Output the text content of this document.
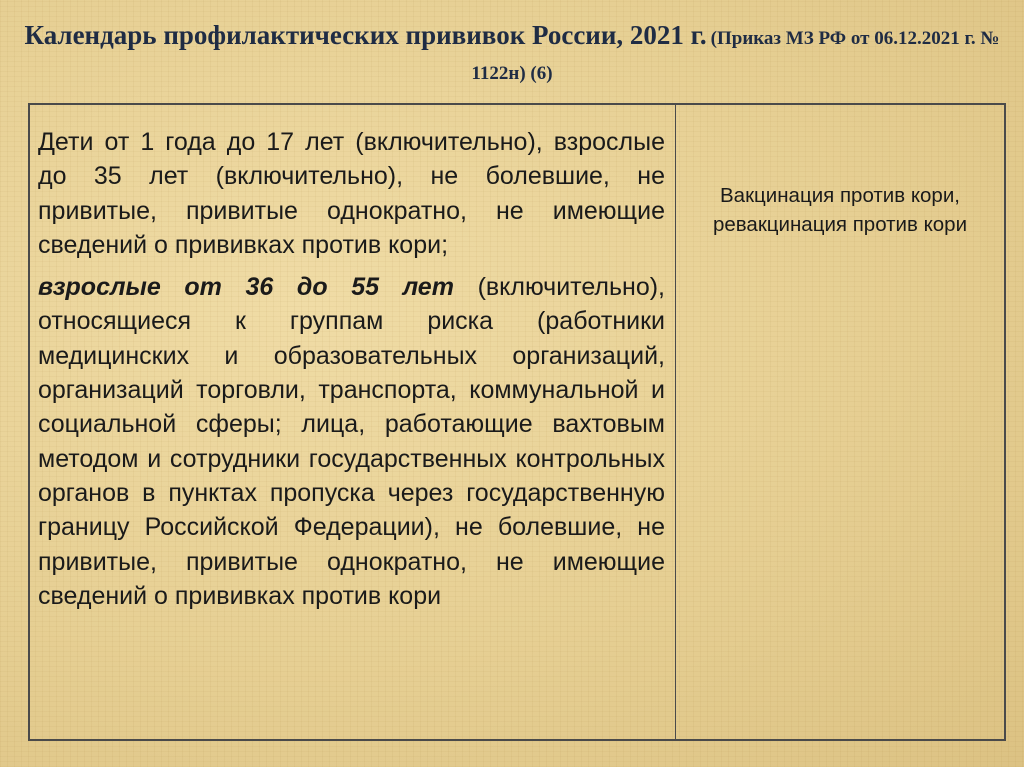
Календарь профилактических прививок России, 2021 г. (Приказ МЗ РФ от 06.12.2021 г. № 1122н) (6)

Дети от 1 года до 17 лет (включительно), взрослые до 35 лет (включительно), не болевшие, не привитые, привитые однократно, не имеющие сведений о прививках против кори;

взрослые от 36 до 55 лет (включительно), относящиеся к группам риска (работники медицинских и образовательных организаций, организаций торговли, транспорта, коммунальной и социальной сферы; лица, работающие вахтовым методом и сотрудники государственных контрольных органов в пунктах пропуска через государственную границу Российской Федерации), не болевшие, не привитые, привитые однократно, не имеющие сведений о прививках против кори

Вакцинация против кори, ревакцинация против кори
